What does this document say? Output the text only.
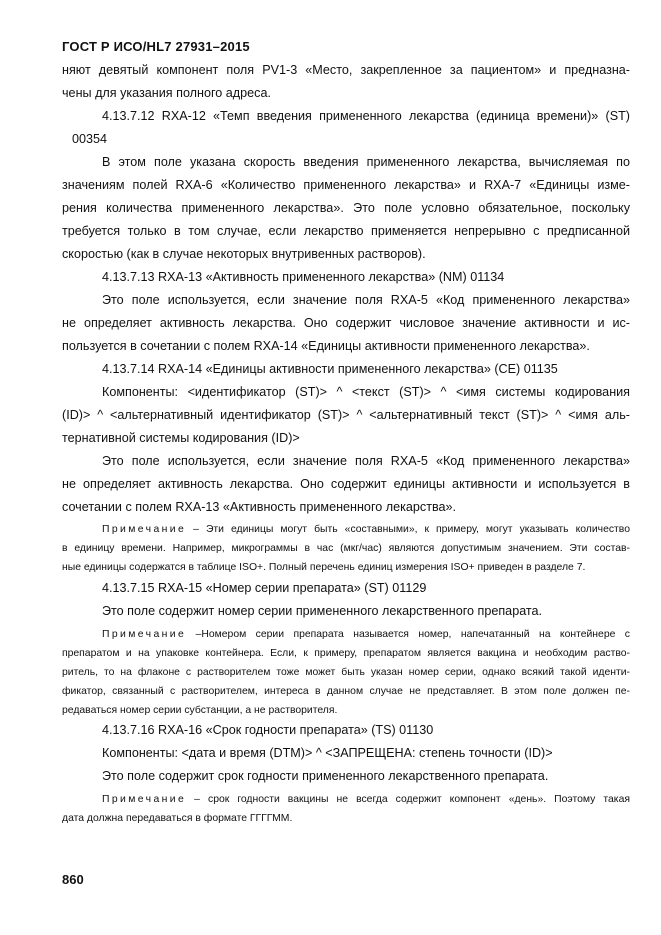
ГОСТ Р ИСО/HL7 27931–2015
няют девятый компонент поля PV1-3 «Место, закрепленное за пациентом» и предназна-
чены для указания полного адреса.
4.13.7.12 RXA-12 «Темп введения примененного лекарства (единица времени)» (ST)
00354
В этом поле указана скорость введения примененного лекарства, вычисляемая по
значениям полей RXA-6 «Количество примененного лекарства» и RXA-7 «Единицы изме-
рения количества примененного лекарства». Это поле условно обязательное, поскольку
требуется только в том случае, если лекарство применяется непрерывно с предписанной
скоростью (как в случае некоторых внутривенных растворов).
4.13.7.13 RXA-13 «Активность примененного лекарства» (NM) 01134
Это поле используется, если значение поля RXA-5 «Код примененного лекарства»
не определяет активность лекарства. Оно содержит числовое значение активности и ис-
пользуется в сочетании с полем RXA-14 «Единицы активности примененного лекарства».
4.13.7.14 RXA-14 «Единицы активности примененного лекарства» (CE) 01135
Компоненты: <идентификатор (ST)> ^ <текст (ST)> ^ <имя системы кодирования
(ID)> ^ <альтернативный идентификатор (ST)> ^ <альтернативный текст (ST)> ^ <имя аль-
тернативной системы кодирования (ID)>
Это поле используется, если значение поля RXA-5 «Код примененного лекарства»
не определяет активность лекарства. Оно содержит единицы активности и используется в
сочетании с полем RXA-13 «Активность примененного лекарства».
Примечание – Эти единицы могут быть «составными», к примеру, могут указывать количество
в единицу времени. Например, микрограммы в час (мкг/час) являются допустимым значением. Эти состав-
ные единицы содержатся в таблице ISO+. Полный перечень единиц измерения ISO+ приведен в разделе 7.
4.13.7.15 RXA-15 «Номер серии препарата» (ST) 01129
Это поле содержит номер серии примененного лекарственного препарата.
Примечание –Номером серии препарата называется номер, напечатанный на контейнере с
препаратом и на упаковке контейнера. Если, к примеру, препаратом является вакцина и необходим раство-
ритель, то на флаконе с растворителем тоже может быть указан номер серии, однако всякий такой иденти-
фикатор, связанный с растворителем, интереса в данном случае не представляет. В этом поле должен пе-
редаваться номер серии субстанции, а не растворителя.
4.13.7.16 RXA-16 «Срок годности препарата» (TS) 01130
Компоненты: <дата и время (DTM)> ^ <ЗАПРЕЩЕНА: степень точности (ID)>
Это поле содержит срок годности примененного лекарственного препарата.
Примечание – срок годности вакцины не всегда содержит компонент «день». Поэтому такая
дата должна передаваться в формате ГГГГММ.
860
